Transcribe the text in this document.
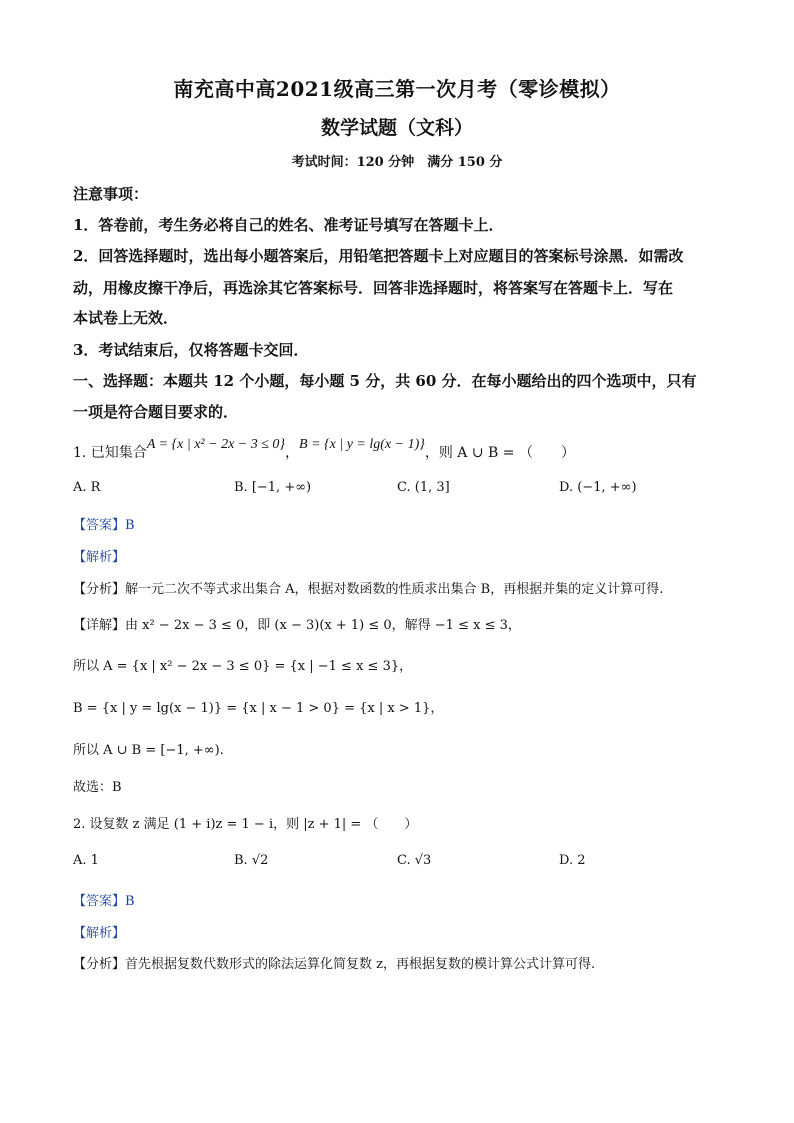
南充高中高2021级高三第一次月考（零诊模拟）
数学试题（文科）
考试时间：120 分钟　满分 150 分
注意事项：
1．答卷前，考生务必将自己的姓名、准考证号填写在答题卡上．
2．回答选择题时，选出每小题答案后，用铅笔把答题卡上对应题目的答案标号涂黑．如需改
动，用橡皮擦干净后，再选涂其它答案标号．回答非选择题时，将答案写在答题卡上．写在
本试卷上无效．
3．考试结束后，仅将答题卡交回．
一、选择题：本题共 12 个小题，每小题 5 分，共 60 分．在每小题给出的四个选项中，只有
一项是符合题目要求的．
1. 已知集合A = {x | x² − 2x − 3 ≤ 0}，B = {x | y = lg(x − 1)}，则 A ∪ B = （　　）
A. R	B. [−1, +∞)	C. (1, 3]	D. (−1, +∞)
【答案】B
【解析】
【分析】解一元二次不等式求出集合 A，根据对数函数的性质求出集合 B，再根据并集的定义计算可得.
【详解】由 x² − 2x − 3 ≤ 0，即 (x − 3)(x + 1) ≤ 0，解得 −1 ≤ x ≤ 3，
所以 A = {x | x² − 2x − 3 ≤ 0} = {x | −1 ≤ x ≤ 3}，
B = {x | y = lg(x − 1)} = {x | x − 1 > 0} = {x | x > 1}，
所以 A ∪ B = [−1, +∞).
故选：B
2. 设复数 z 满足 (1 + i)z = 1 − i，则 |z + 1| = （　　）
A. 1	B. √2	C. √3	D. 2
【答案】B
【解析】
【分析】首先根据复数代数形式的除法运算化简复数 z，再根据复数的模计算公式计算可得.
